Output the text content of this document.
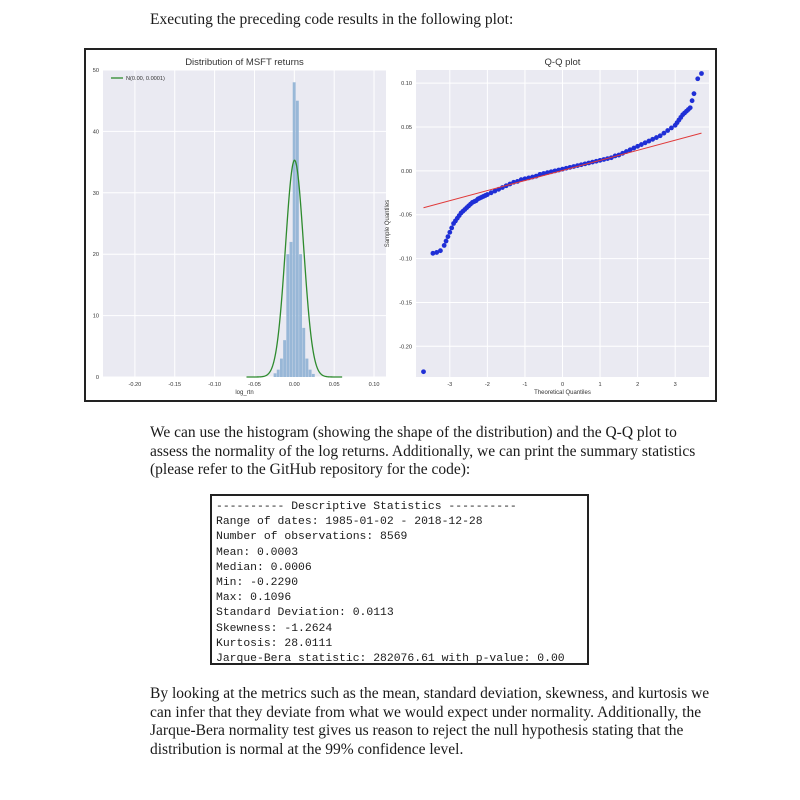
Executing the preceding code results in the following plot:

-0.20	-0.15	-0.10	-0.05	0.00	0.05	0.10
0
10
20
30
40
50
Distribution of MSFT returns
log_rtn
N(0.00, 0.0001)
-3	-2	-1	0	1	2	3
-0.20
-0.15
-0.10
-0.05
0.00
0.05
0.10
Q-Q plot
Theoretical Quantiles
Sample Quantiles

We can use the histogram (showing the shape of the distribution) and the Q-Q plot to assess the normality of the log returns. Additionally, we can print the summary statistics (please refer to the GitHub repository for the code):

---------- Descriptive Statistics ----------
Range of dates: 1985-01-02 - 2018-12-28
Number of observations: 8569
Mean: 0.0003
Median: 0.0006
Min: -0.2290
Max: 0.1096
Standard Deviation: 0.0113
Skewness: -1.2624
Kurtosis: 28.0111
Jarque-Bera statistic: 282076.61 with p-value: 0.00

By looking at the metrics such as the mean, standard deviation, skewness, and kurtosis we can infer that they deviate from what we would expect under normality. Additionally, the Jarque-Bera normality test gives us reason to reject the null hypothesis stating that the distribution is normal at the 99% confidence level.
